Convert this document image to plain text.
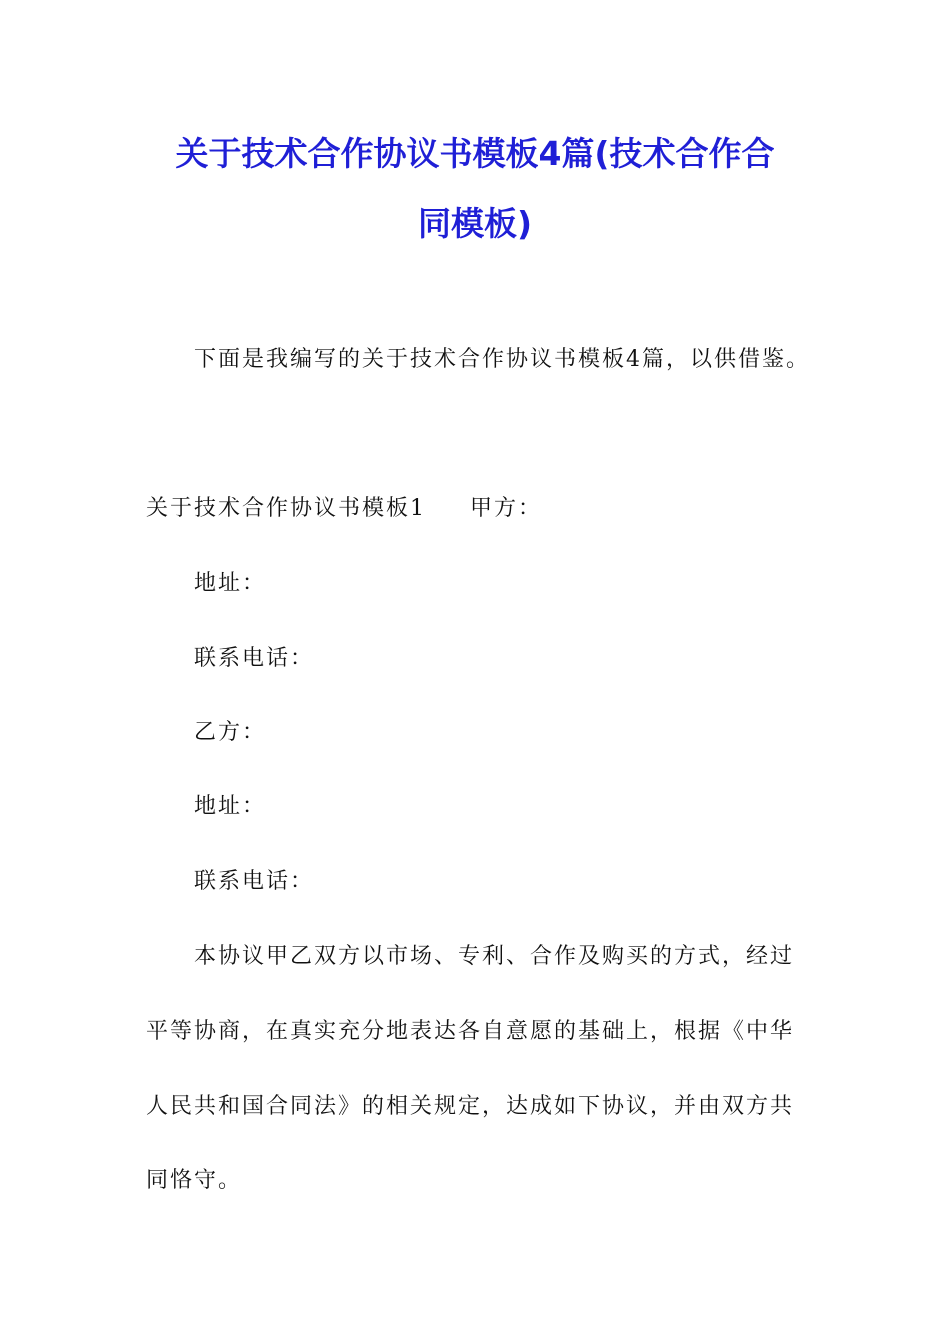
关于技术合作协议书模板4篇(技术合作合
同模板)

下面是我编写的关于技术合作协议书模板4篇，以供借鉴。

关于技术合作协议书模板1 甲方：

地址：

联系电话：

乙方：

地址：

联系电话：

本协议甲乙双方以市场、专利、合作及购买的方式，经过

平等协商，在真实充分地表达各自意愿的基础上，根据《中华

人民共和国合同法》的相关规定，达成如下协议，并由双方共

同恪守。
